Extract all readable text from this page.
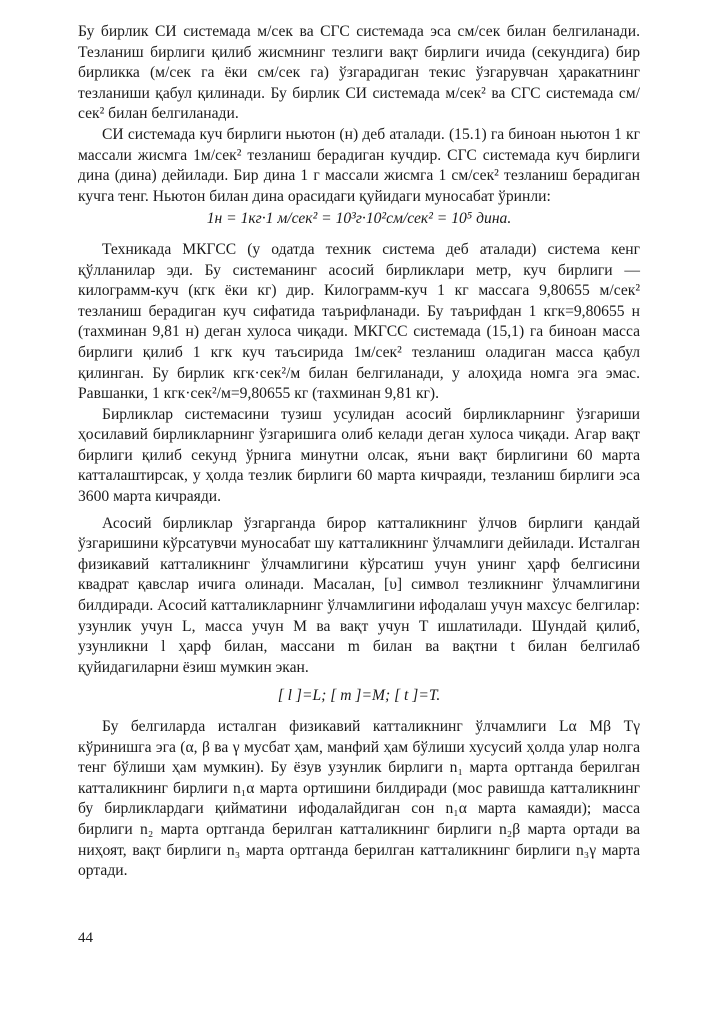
Бу бирлик СИ системада м/сек ва СГС системада эса см/сек билан белгиланади. Тезланиш бирлиги қилиб жисмнинг тезлиги вақт бирлиги ичида (секундига) бир бирликка (м/сек га ёки см/сек га) ўзгарадиган текис ўзгарувчан ҳаракатнинг тезланиши қабул қилинади. Бу бирлик СИ системада м/сек² ва СГС системада см/сек² билан белгиланади.

СИ системада куч бирлиги ньютон (н) деб аталади. (15.1) га биноан ньютон 1 кг массали жисмга 1м/сек² тезланиш берадиган кучдир. СГС системада куч бирлиги дина (дина) дейилади. Бир дина 1 г массали жисмга 1 см/сек² тезланиш берадиган кучга тенг. Ньютон билан дина орасидаги қуйидаги муносабат ўринли:

1н = 1кг·1 м/сек² = 10³г·10²см/сек² = 10⁵ дина.

Техникада МКГСС (у одатда техник система деб аталади) система кенг қўлланилар эди. Бу системанинг асосий бирликлари метр, куч бирлиги — килограмм-куч (кгк ёки кг) дир. Килограмм-куч 1 кг массага 9,80655 м/сек² тезланиш берадиган куч сифатида таърифланади. Бу таърифдан 1 кгк=9,80655 н (тахминан 9,81 н) деган хулоса чиқади. МКГСС системада (15,1) га биноан масса бирлиги қилиб 1 кгк куч таъсирида 1м/сек² тезланиш оладиган масса қабул қилинган. Бу бирлик кгк·сек²/м билан белгиланади, у алоҳида номга эга эмас. Равшанки, 1 кгк·сек²/м=9,80655 кг (тахминан 9,81 кг).

Бирликлар системасини тузиш усулидан асосий бирликларнинг ўзгариши ҳосилавий бирликларнинг ўзгаришига олиб келади деган хулоса чиқади. Агар вақт бирлиги қилиб секунд ўрнига минутни олсак, яъни вақт бирлигини 60 марта катталаштирсак, у ҳолда тезлик бирлиги 60 марта кичраяди, тезланиш бирлиги эса 3600 марта кичраяди.

Асосий бирликлар ўзгарганда бирор катталикнинг ўлчов бирлиги қандай ўзгаришини кўрсатувчи муносабат шу катталикнинг ўлчамлиги дейилади. Исталган физикавий катталикнинг ўлчамлигини кўрсатиш учун унинг ҳарф белгисини квадрат қавслар ичига олинади. Масалан, [υ] символ тезликнинг ўлчамлигини билдиради. Асосий катталикларнинг ўлчамлигини ифодалаш учун махсус белгилар: узунлик учун L, масса учун M ва вақт учун T ишлатилади. Шундай қилиб, узунликни l ҳарф билан, массани m билан ва вақтни t билан белгилаб қуйидагиларни ёзиш мумкин экан.

[ l ]=L; [ m ]=M; [ t ]=T.

Бу белгиларда исталган физикавий катталикнинг ўлчамлиги Lα Mβ Tγ кўринишга эга (α, β ва γ мусбат ҳам, манфий ҳам бўлиши хусусий ҳолда улар нолга тенг бўлиши ҳам мумкин). Бу ёзув узунлик бирлиги n₁ марта ортганда берилган катталикнинг бирлиги n₁α марта ортишини билдиради (мос равишда катталикнинг бу бирликлардаги қийматини ифодалайдиган сон n₁α марта камаяди); масса бирлиги n₂ марта ортганда берилган катталикнинг бирлиги n₂β марта ортади ва ниҳоят, вақт бирлиги n₃ марта ортганда берилган катталикнинг бирлиги n₃γ марта ортади.

44
